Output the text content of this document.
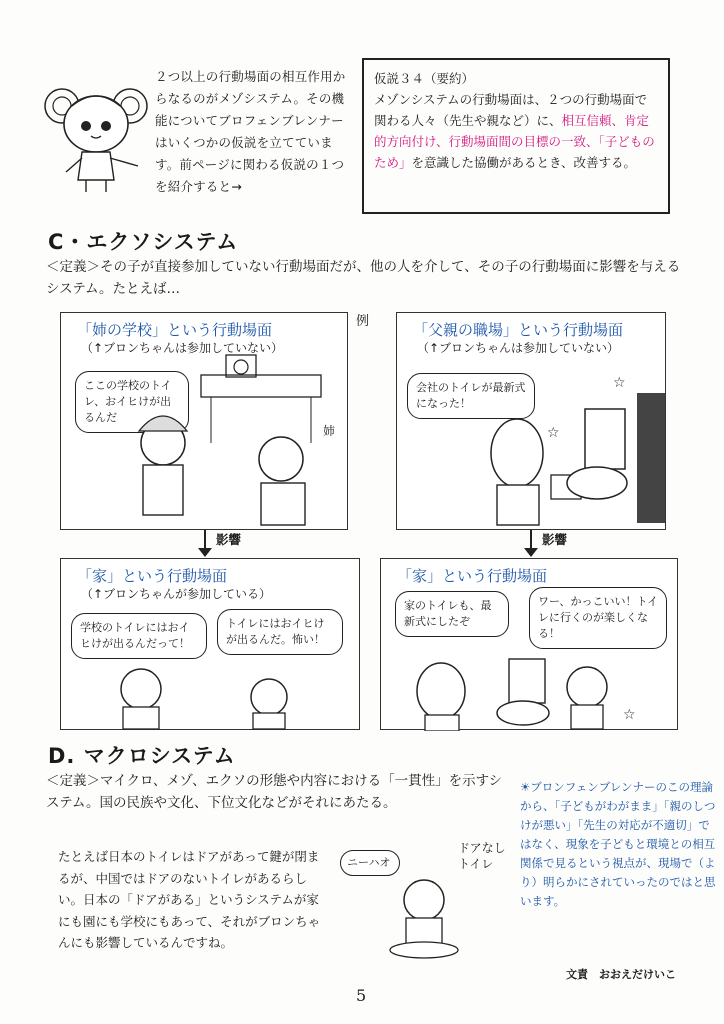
２つ以上の行動場面の相互作用からなるのがメゾシステム。その機能についてブロフェンブレンナーはいくつかの仮説を立てています。前ページに関わる仮説の１つを紹介すると→
仮説３４（要約）
メゾンシステムの行動場面は、２つの行動場面で関わる人々（先生や親など）に、相互信頼、肯定的方向付け、行動場面間の目標の一致、「子どものため」を意識した協働があるとき、改善する。
C・エクソシステム
＜定義＞その子が直接参加していない行動場面だが、他の人を介して、その子の行動場面に影響を与えるシステム。たとえば…
例
「姉の学校」という行動場面
（↑ブロンちゃんは参加していない）
ここの学校のトイレ、おイヒけが出るんだ
姉
「父親の職場」という行動場面
（↑ブロンちゃんは参加していない）
会社のトイレが最新式になった！
☆
☆
影響	影響
「家」という行動場面
（↑ブロンちゃんが参加している）
学校のトイレにはおイヒけが出るんだって！
トイレにはおイヒけが出るんだ。怖い！
「家」という行動場面
家のトイレも、最新式にしたぞ
ワー、かっこいい！トイレに行くのが楽しくなる！
☆
D. マクロシステム
＜定義＞マイクロ、メゾ、エクソの形態や内容における「一貫性」を示すシステム。国の民族や文化、下位文化などがそれにあたる。
たとえば日本のトイレはドアがあって鍵が閉まるが、中国ではドアのないトイレがあるらしい。日本の「ドアがある」というシステムが家にも園にも学校にもあって、それがブロンちゃんにも影響しているんですね。
ニーハオ
ドアなしトイレ
☀ブロンフェンブレンナーのこの理論から、「子どもがわがまま」「親のしつけが悪い」「先生の対応が不適切」ではなく、現象を子どもと環境との相互関係で見るという視点が、現場で（より）明らかにされていったのではと思います。
文責　おおえだけいこ
5
